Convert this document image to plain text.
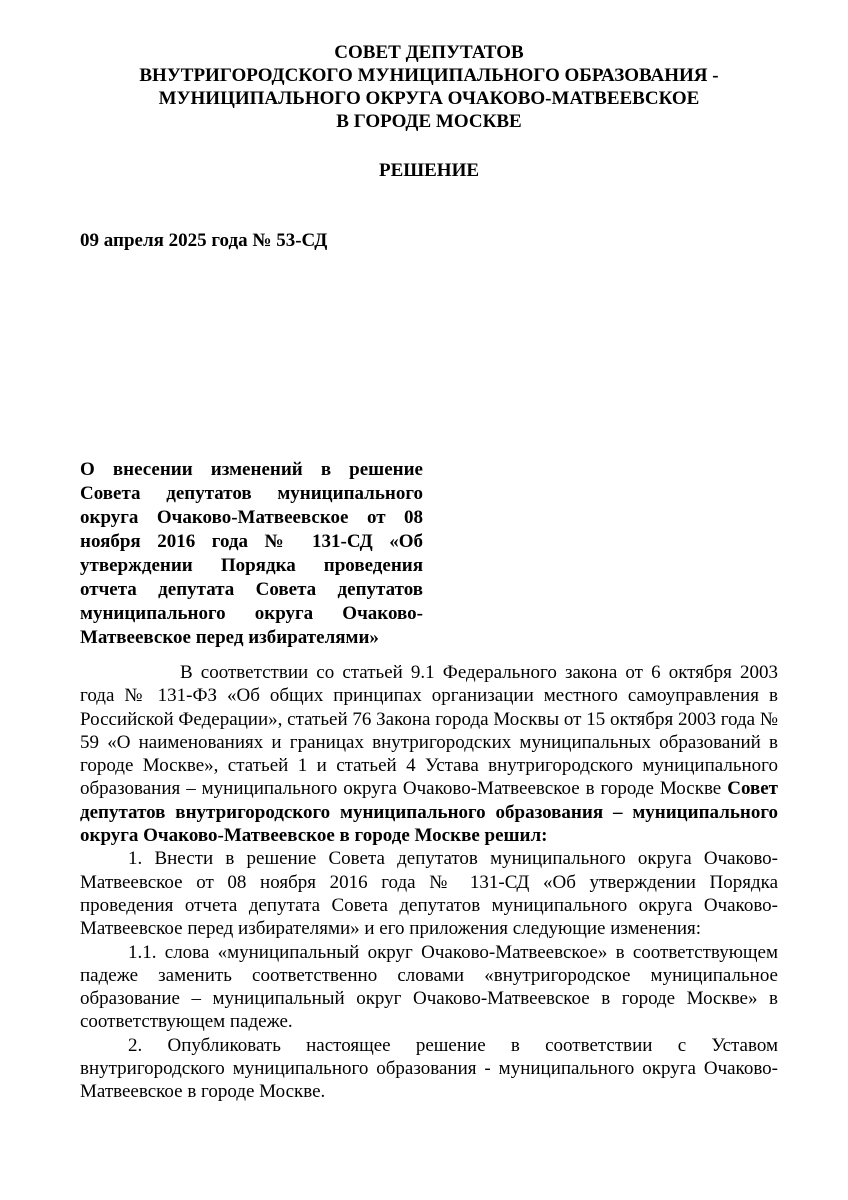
СОВЕТ ДЕПУТАТОВ
ВНУТРИГОРОДСКОГО МУНИЦИПАЛЬНОГО ОБРАЗОВАНИЯ -
МУНИЦИПАЛЬНОГО ОКРУГА ОЧАКОВО-МАТВЕЕВСКОЕ
В ГОРОДЕ МОСКВЕ
РЕШЕНИЕ
09 апреля 2025 года № 53-СД
О внесении изменений в решение
Совета депутатов муниципального
округа Очаково-Матвеевское от 08
ноября 2016 года № 131-СД «Об
утверждении Порядка проведения
отчета депутата Совета депутатов
муниципального округа Очаково-
Матвеевское перед избирателями»

В соответствии со статьей 9.1 Федерального закона от 6 октября 2003 года № 131-ФЗ «Об общих принципах организации местного самоуправления в Российской Федерации», статьей 76 Закона города Москвы от 15 октября 2003 года № 59 «О наименованиях и границах внутригородских муниципальных образований в городе Москве», статьей 1 и статьей 4 Устава внутригородского муниципального образования – муниципального округа Очаково-Матвеевское в городе Москве Совет депутатов внутригородского муниципального образования – муниципального округа Очаково-Матвеевское в городе Москве решил:

1. Внести в решение Совета депутатов муниципального округа Очаково-Матвеевское от 08 ноября 2016 года № 131-СД «Об утверждении Порядка проведения отчета депутата Совета депутатов муниципального округа Очаково-Матвеевское перед избирателями» и его приложения следующие изменения:

1.1. слова «муниципальный округ Очаково-Матвеевское» в соответствующем падеже заменить соответственно словами «внутригородское муниципальное образование – муниципальный округ Очаково-Матвеевское в городе Москве» в соответствующем падеже.

2. Опубликовать настоящее решение в соответствии с Уставом внутригородского муниципального образования - муниципального округа Очаково-Матвеевское в городе Москве.
